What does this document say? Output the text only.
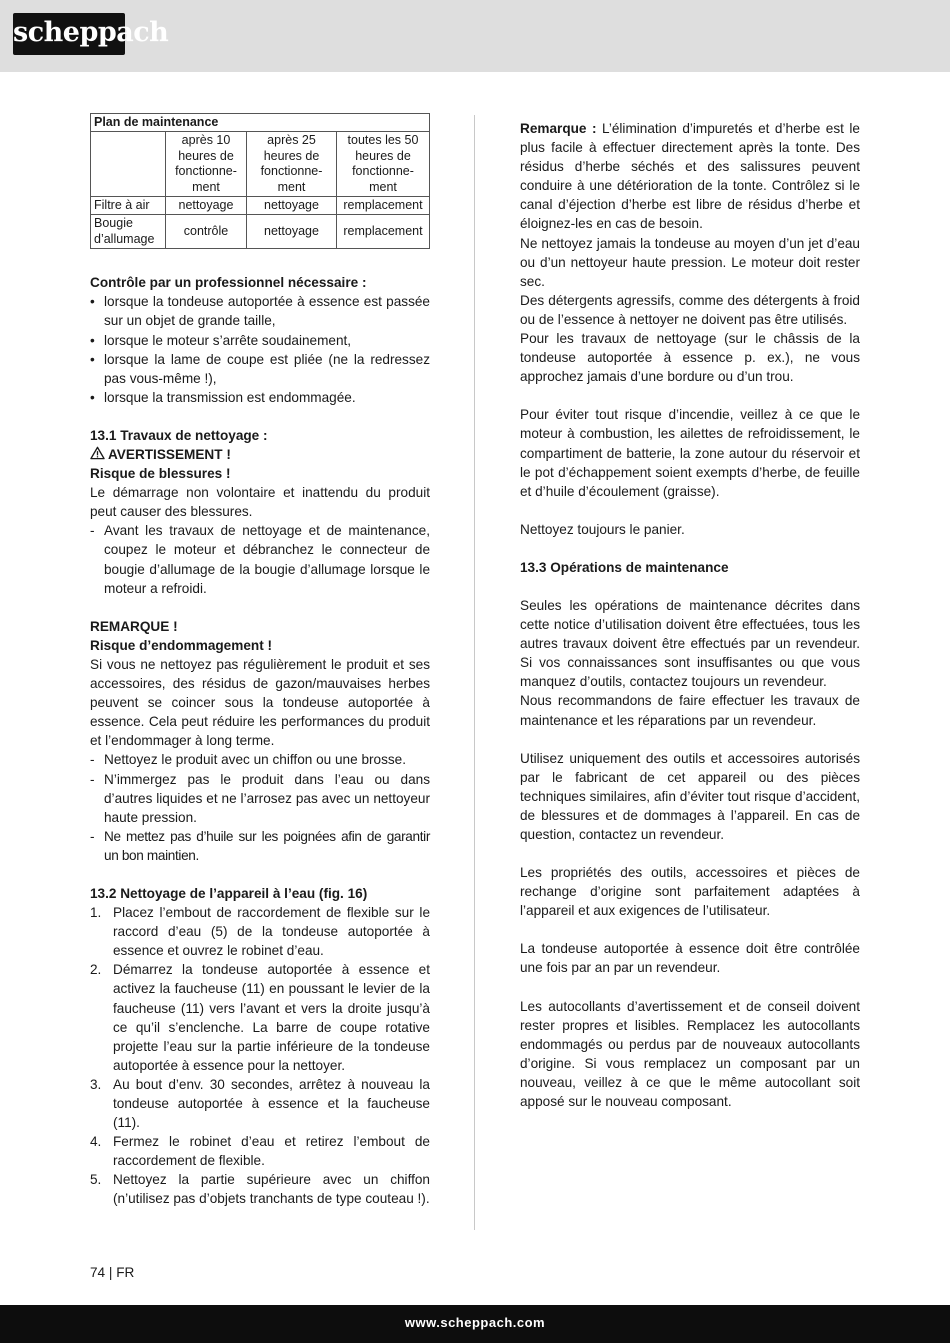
scheppach
Plan de maintenance			
	après 10 heures de fonctionne-ment	après 25 heures de fonctionne-ment	toutes les 50 heures de fonctionne-ment
Filtre à air	nettoyage	nettoyage	remplacement
Bougie d’allumage	contrôle	nettoyage	remplacement

Contrôle par un professionnel nécessaire :

• lorsque la tondeuse autoportée à essence est passée sur un objet de grande taille,
• lorsque le moteur s’arrête soudainement,
• lorsque la lame de coupe est pliée (ne la redressez pas vous-même !),
• lorsque la transmission est endommagée.

13.1 Travaux de nettoyage :

AVERTISSEMENT !

Risque de blessures !

Le démarrage non volontaire et inattendu du produit peut causer des blessures.

- Avant les travaux de nettoyage et de maintenance, coupez le moteur et débranchez le connecteur de bougie d’allumage de la bougie d’allumage lorsque le moteur a refroidi.

REMARQUE !

Risque d’endommagement !

Si vous ne nettoyez pas régulièrement le produit et ses accessoires, des résidus de gazon/mauvaises herbes peuvent se coincer sous la tondeuse autoportée à essence. Cela peut réduire les performances du produit et l’endommager à long terme.

- Nettoyez le produit avec un chiffon ou une brosse.
- N’immergez pas le produit dans l’eau ou dans d’autres liquides et ne l’arrosez pas avec un nettoyeur haute pression.
- Ne mettez pas d’huile sur les poignées afin de garantir un bon maintien.

13.2 Nettoyage de l’appareil à l’eau (fig. 16)

1. Placez l’embout de raccordement de flexible sur le raccord d’eau (5) de la tondeuse autoportée à essence et ouvrez le robinet d’eau.
2. Démarrez la tondeuse autoportée à essence et activez la faucheuse (11) en poussant le levier de la faucheuse (11) vers l’avant et vers la droite jusqu’à ce qu’il s’enclenche. La barre de coupe rotative projette l’eau sur la partie inférieure de la tondeuse autoportée à essence pour la nettoyer.
3. Au bout d’env. 30 secondes, arrêtez à nouveau la tondeuse autoportée à essence et la faucheuse (11).
4. Fermez le robinet d’eau et retirez l’embout de raccordement de flexible.
5. Nettoyez la partie supérieure avec un chiffon (n’utilisez pas d’objets tranchants de type couteau !).

Remarque : L’élimination d’impuretés et d’herbe est le plus facile à effectuer directement après la tonte. Des résidus d’herbe séchés et des salissures peuvent conduire à une détérioration de la tonte. Contrôlez si le canal d’éjection d’herbe est libre de résidus d’herbe et éloignez-les en cas de besoin.

Ne nettoyez jamais la tondeuse au moyen d’un jet d’eau ou d’un nettoyeur haute pression. Le moteur doit rester sec.

Des détergents agressifs, comme des détergents à froid ou de l’essence à nettoyer ne doivent pas être utilisés.

Pour les travaux de nettoyage (sur le châssis de la tondeuse autoportée à essence p. ex.), ne vous approchez jamais d’une bordure ou d’un trou.

Pour éviter tout risque d’incendie, veillez à ce que le moteur à combustion, les ailettes de refroidissement, le compartiment de batterie, la zone autour du réservoir et le pot d’échappement soient exempts d’herbe, de feuille et d’huile d’écoulement (graisse).

Nettoyez toujours le panier.

13.3 Opérations de maintenance

Seules les opérations de maintenance décrites dans cette notice d’utilisation doivent être effectuées, tous les autres travaux doivent être effectués par un revendeur. Si vos connaissances sont insuffisantes ou que vous manquez d’outils, contactez toujours un revendeur.

Nous recommandons de faire effectuer les travaux de maintenance et les réparations par un revendeur.

Utilisez uniquement des outils et accessoires autorisés par le fabricant de cet appareil ou des pièces techniques similaires, afin d’éviter tout risque d’accident, de blessures et de dommages à l’appareil. En cas de question, contactez un revendeur.

Les propriétés des outils, accessoires et pièces de rechange d’origine sont parfaitement adaptées à l’appareil et aux exigences de l’utilisateur.

La tondeuse autoportée à essence doit être contrôlée une fois par an par un revendeur.

Les autocollants d’avertissement et de conseil doivent rester propres et lisibles. Remplacez les autocollants endommagés ou perdus par de nouveaux autocollants d’origine. Si vous remplacez un composant par un nouveau, veillez à ce que le même autocollant soit apposé sur le nouveau composant.

74 | FR
www.scheppach.com
